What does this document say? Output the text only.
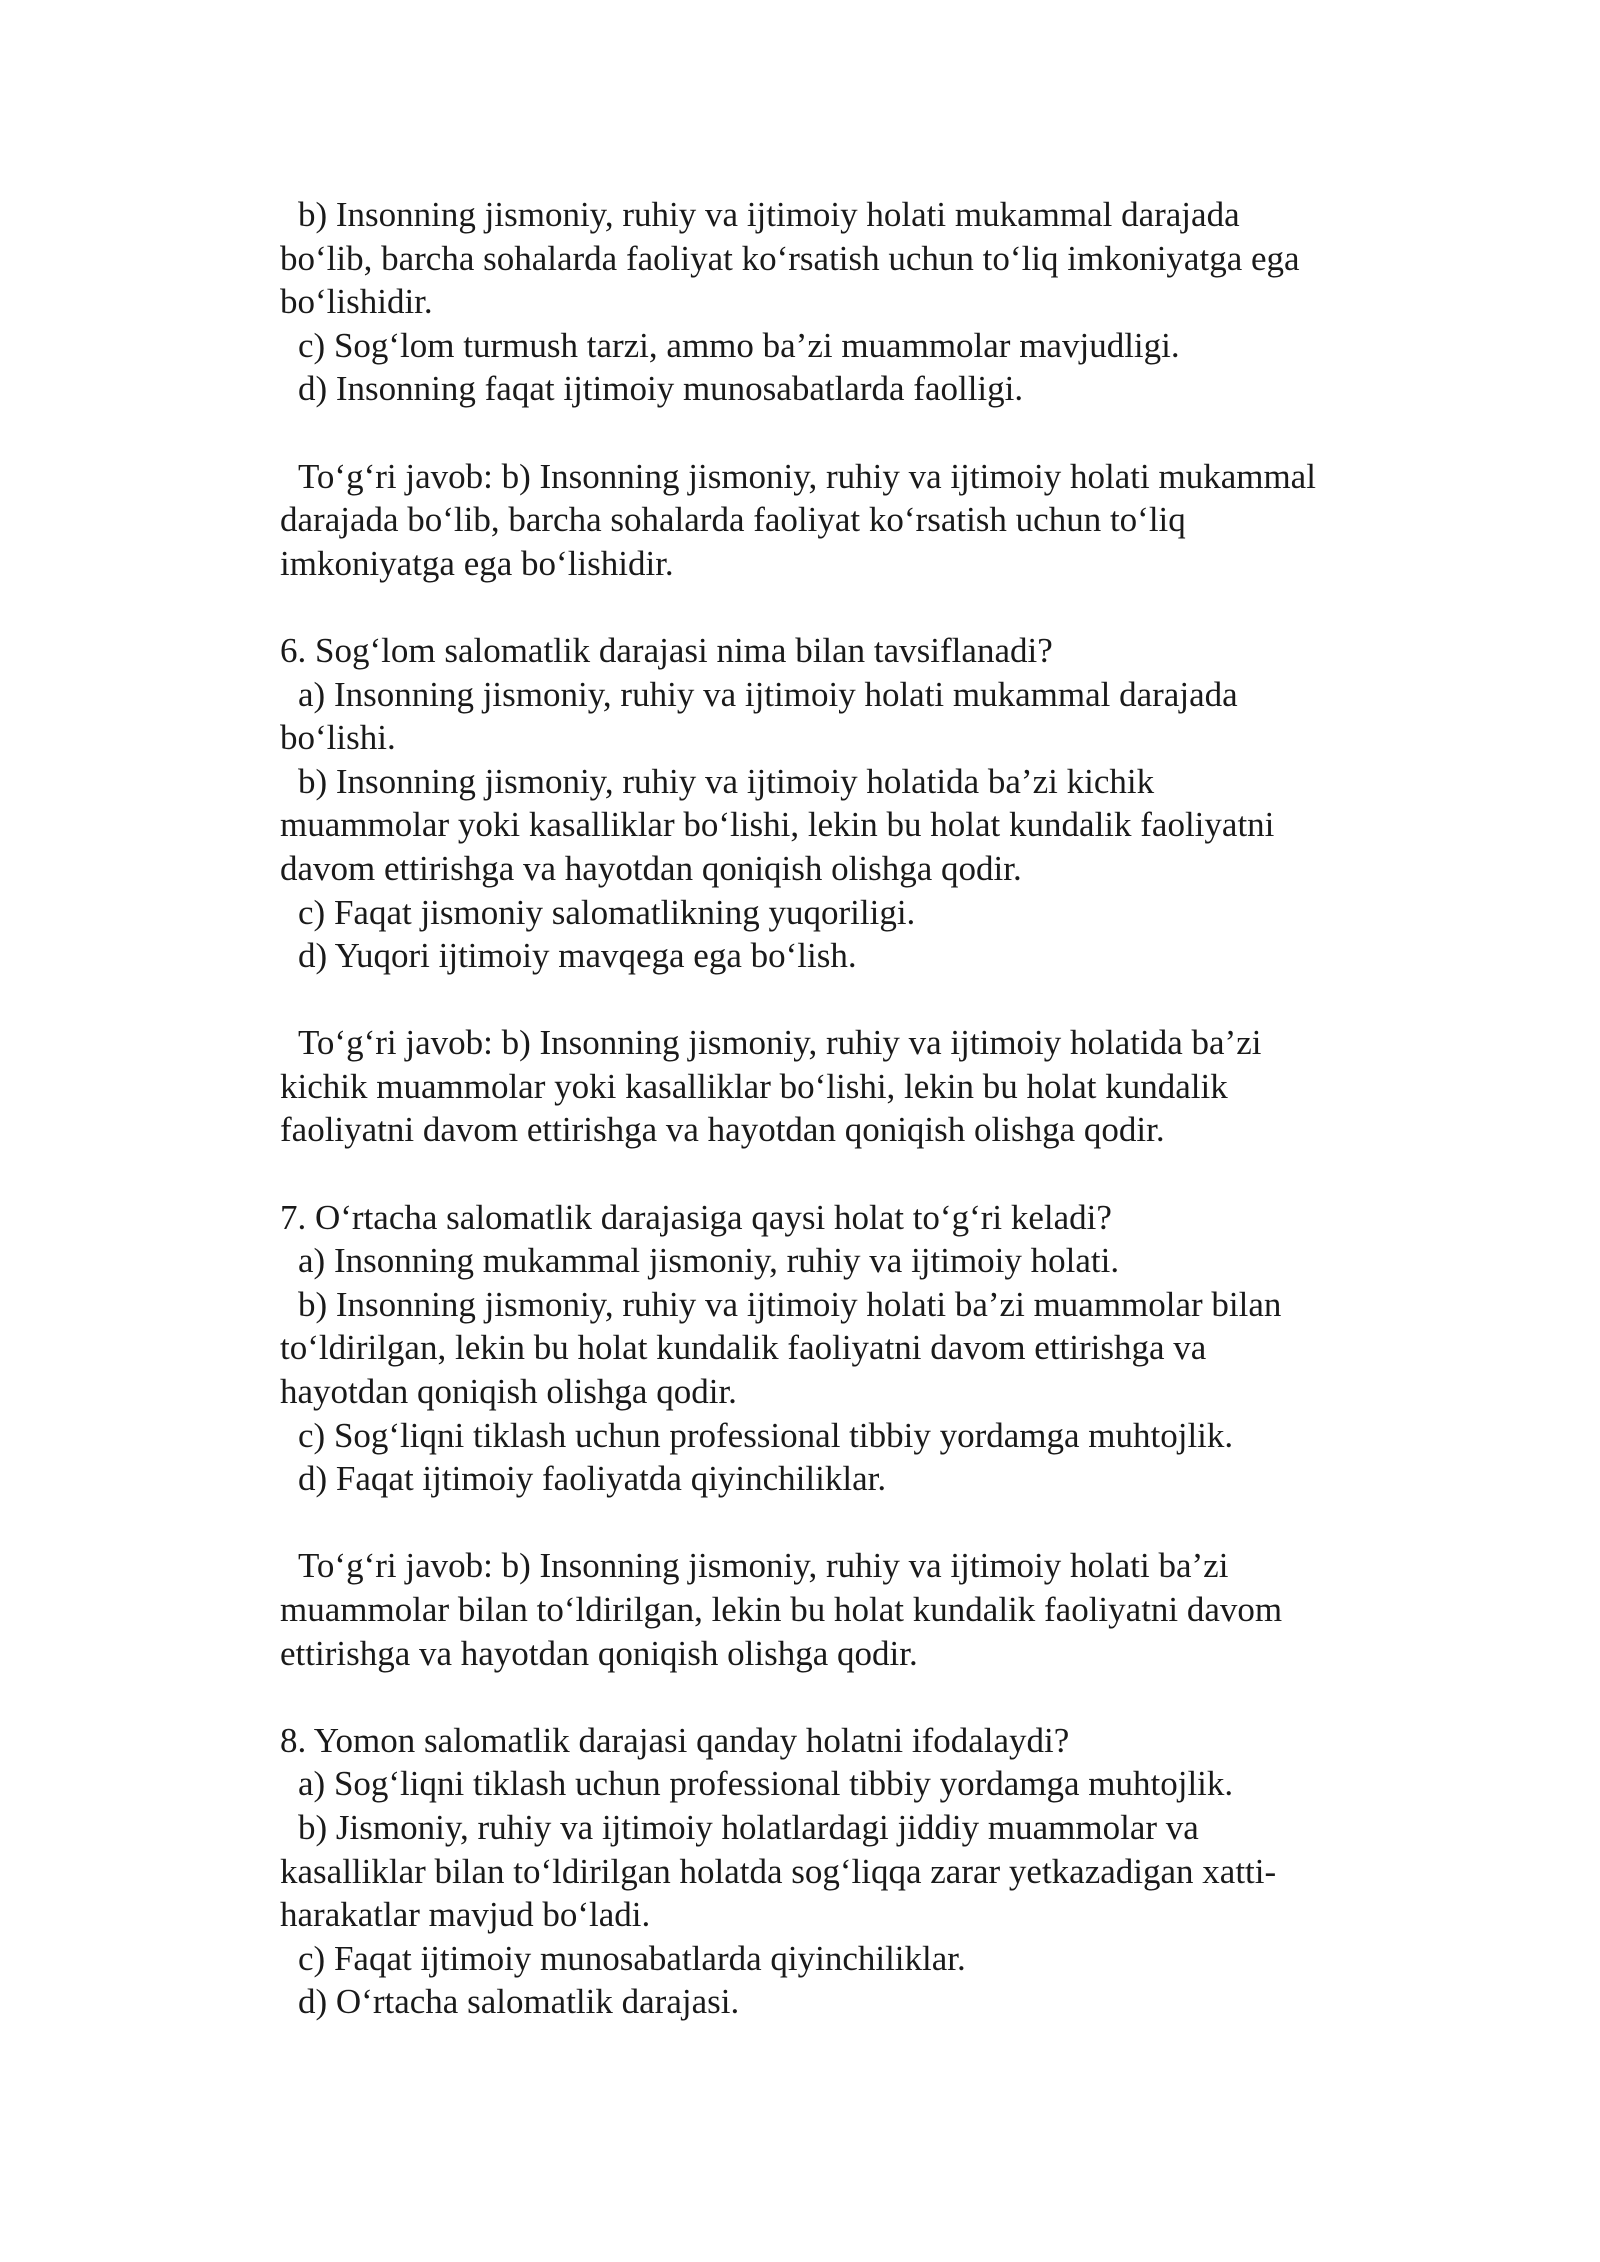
b) Insonning jismoniy, ruhiy va ijtimoiy holati mukammal darajada
bo‘lib, barcha sohalarda faoliyat ko‘rsatish uchun to‘liq imkoniyatga ega
bo‘lishidir.
c) Sog‘lom turmush tarzi, ammo ba’zi muammolar mavjudligi.
d) Insonning faqat ijtimoiy munosabatlarda faolligi.
To‘g‘ri javob: b) Insonning jismoniy, ruhiy va ijtimoiy holati mukammal
darajada bo‘lib, barcha sohalarda faoliyat ko‘rsatish uchun to‘liq
imkoniyatga ega bo‘lishidir.
6. Sog‘lom salomatlik darajasi nima bilan tavsiflanadi?
a) Insonning jismoniy, ruhiy va ijtimoiy holati mukammal darajada
bo‘lishi.
b) Insonning jismoniy, ruhiy va ijtimoiy holatida ba’zi kichik
muammolar yoki kasalliklar bo‘lishi, lekin bu holat kundalik faoliyatni
davom ettirishga va hayotdan qoniqish olishga qodir.
c) Faqat jismoniy salomatlikning yuqoriligi.
d) Yuqori ijtimoiy mavqega ega bo‘lish.
To‘g‘ri javob: b) Insonning jismoniy, ruhiy va ijtimoiy holatida ba’zi
kichik muammolar yoki kasalliklar bo‘lishi, lekin bu holat kundalik
faoliyatni davom ettirishga va hayotdan qoniqish olishga qodir.
7. O‘rtacha salomatlik darajasiga qaysi holat to‘g‘ri keladi?
a) Insonning mukammal jismoniy, ruhiy va ijtimoiy holati.
b) Insonning jismoniy, ruhiy va ijtimoiy holati ba’zi muammolar bilan
to‘ldirilgan, lekin bu holat kundalik faoliyatni davom ettirishga va
hayotdan qoniqish olishga qodir.
c) Sog‘liqni tiklash uchun professional tibbiy yordamga muhtojlik.
d) Faqat ijtimoiy faoliyatda qiyinchiliklar.
To‘g‘ri javob: b) Insonning jismoniy, ruhiy va ijtimoiy holati ba’zi
muammolar bilan to‘ldirilgan, lekin bu holat kundalik faoliyatni davom
ettirishga va hayotdan qoniqish olishga qodir.
8. Yomon salomatlik darajasi qanday holatni ifodalaydi?
a) Sog‘liqni tiklash uchun professional tibbiy yordamga muhtojlik.
b) Jismoniy, ruhiy va ijtimoiy holatlardagi jiddiy muammolar va
kasalliklar bilan to‘ldirilgan holatda sog‘liqqa zarar yetkazadigan xatti-
harakatlar mavjud bo‘ladi.
c) Faqat ijtimoiy munosabatlarda qiyinchiliklar.
d) O‘rtacha salomatlik darajasi.
